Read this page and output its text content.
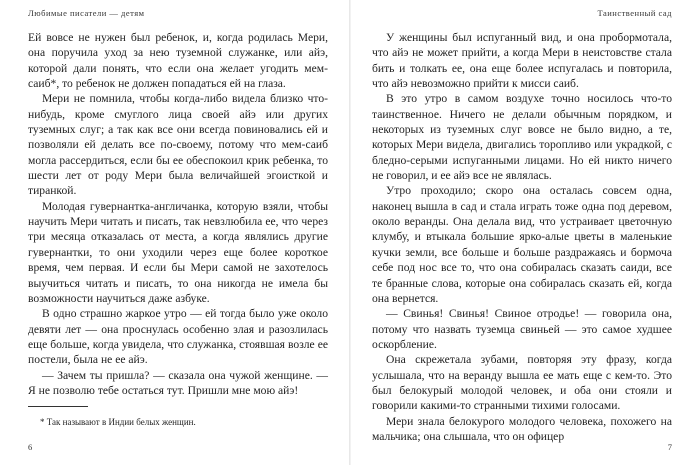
Любимые писатели — детям

Ей вовсе не нужен был ребенок, и, когда родилась Мери, она поручила уход за нею туземной служанке, или айэ, которой дали понять, что если она желает угодить мем-саиб*, то ребенок не должен попадаться ей на глаза.

Мери не помнила, чтобы когда-либо видела близко что-нибудь, кроме смуглого лица своей айэ или других туземных слуг; а так как все они всегда повиновались ей и позволяли ей делать все по-своему, потому что мем-саиб могла рассердиться, если бы ее обеспокоил крик ребенка, то шести лет от роду Мери была величайшей эгоисткой и тиранкой.

Молодая гувернантка-англичанка, которую взяли, чтобы научить Мери читать и писать, так невзлюбила ее, что через три месяца отказалась от места, а когда являлись другие гувернантки, то они уходили через еще более короткое время, чем первая. И если бы Мери самой не захотелось выучиться читать и писать, то она никогда не имела бы возможности научиться даже азбуке.

В одно страшно жаркое утро — ей тогда было уже около девяти лет — она проснулась особенно злая и разозлилась еще больше, когда увидела, что служанка, стоявшая возле ее постели, была не ее айэ.

— Зачем ты пришла? — сказала она чужой женщине. — Я не позволю тебе остаться тут. Пришли мне мою айэ!

* Так называют в Индии белых женщин.
6
Таинственный сад

У женщины был испуганный вид, и она пробормотала, что айэ не может прийти, а когда Мери в неистовстве стала бить и толкать ее, она еще более испугалась и повторила, что айэ невозможно прийти к мисси саиб.

В это утро в самом воздухе точно носилось что-то таинственное. Ничего не делали обычным порядком, и некоторых из туземных слуг вовсе не было видно, а те, которых Мери видела, двигались торопливо или украдкой, с бледно-серыми испуганными лицами. Но ей никто ничего не говорил, и ее айэ все не являлась.

Утро проходило; скоро она осталась совсем одна, наконец вышла в сад и стала играть тоже одна под деревом, около веранды. Она делала вид, что устраивает цветочную клумбу, и втыкала большие ярко-алые цветы в маленькие кучки земли, все больше и больше раздражаясь и бормоча себе под нос все то, что она собиралась сказать саиди, все те бранные слова, которые она собиралась сказать ей, когда она вернется.

— Свинья! Свинья! Свиное отродье! — говорила она, потому что назвать туземца свиньей — это самое худшее оскорбление.

Она скрежетала зубами, повторяя эту фразу, когда услышала, что на веранду вышла ее мать еще с кем-то. Это был белокурый молодой человек, и оба они стояли и говорили какими-то странными тихими голосами.

Мери знала белокурого молодого человека, похожего на мальчика; она слышала, что он офицер

7
